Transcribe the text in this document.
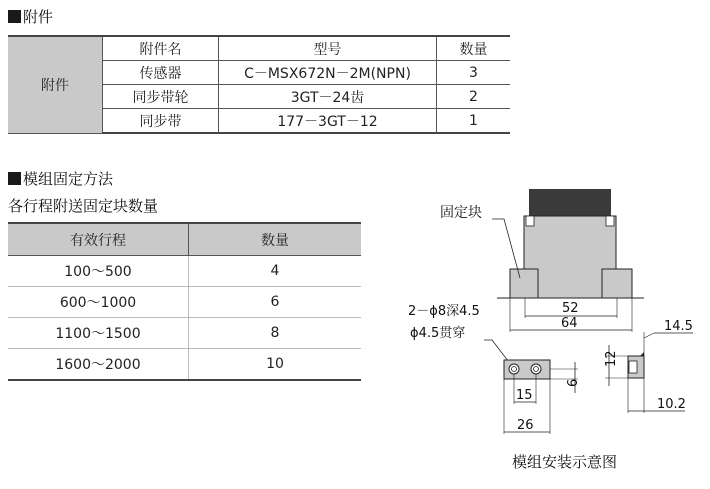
附件
附件	附件名	型号	数量
	传感器	C－MSX672N－2M(NPN)	3
	同步带轮	3GT－24齿	2
	同步带	177－3GT－12	1
模组固定方法
各行程附送固定块数量
有效行程	数量
100～500	4
600～1000	6
1100～1500	8
1600～2000	10
固定块
52
64
2－ϕ8深4.5
ϕ4.5贯穿
15
26
6
12
14.5
10.2
模组安装示意图
